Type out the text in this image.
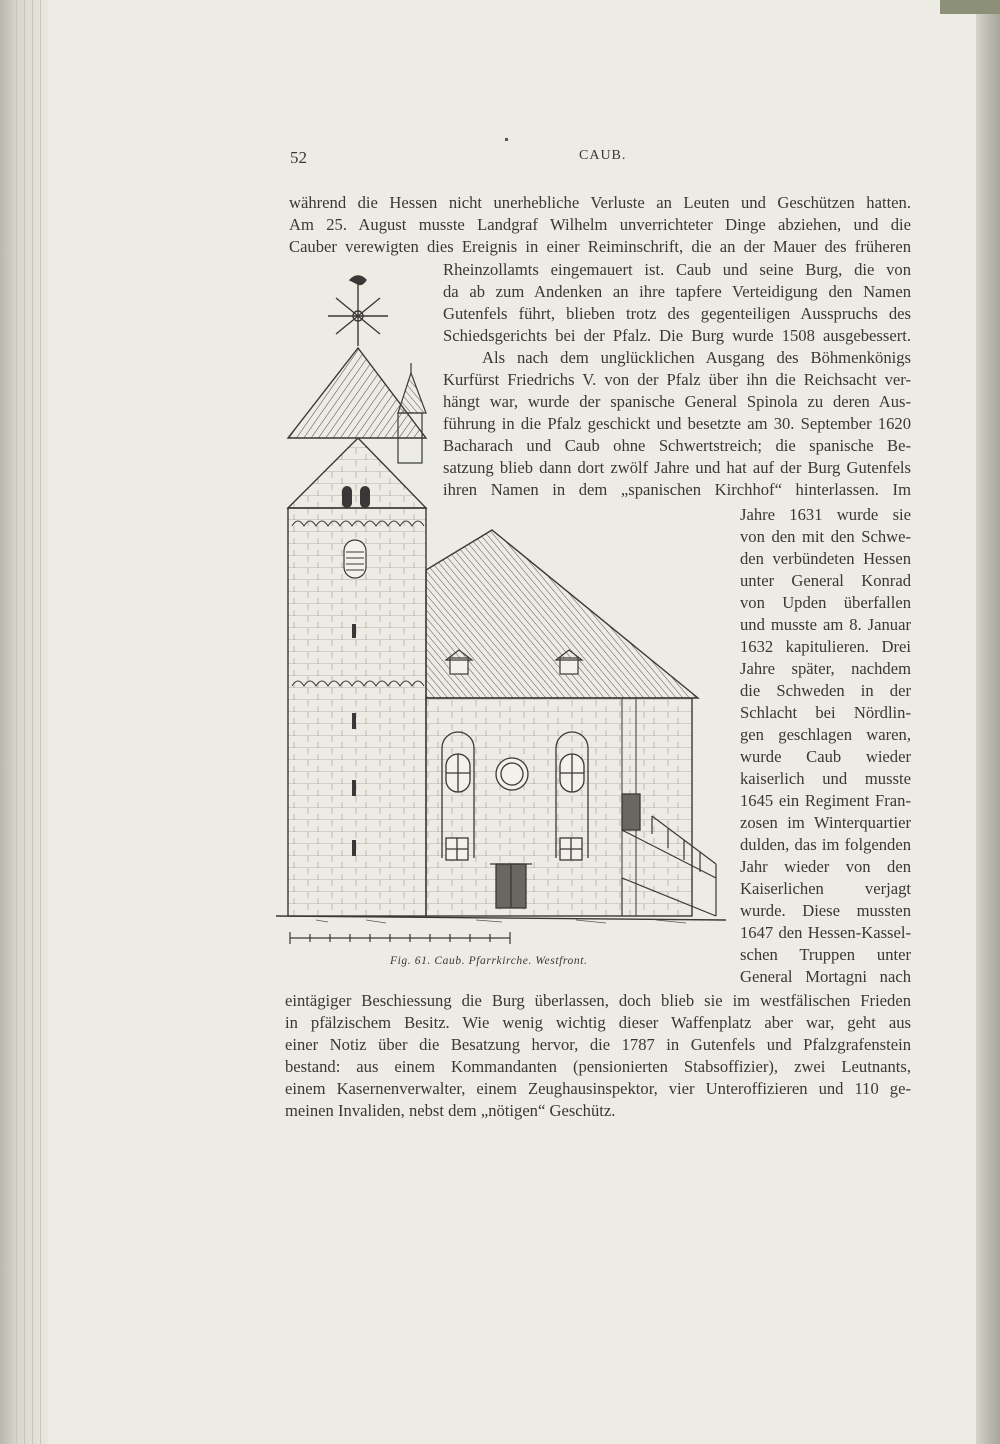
52	CAUB.
während die Hessen nicht unerhebliche Verluste an Leuten und Geschützen hatten.
Am 25. August musste Landgraf Wilhelm unverrichteter Dinge abziehen, und die
Cauber verewigten dies Ereignis in einer Reiminschrift, die an der Mauer des früheren
Rheinzollamts eingemauert ist. Caub und seine Burg, die von
da ab zum Andenken an ihre tapfere Verteidigung den Namen
Gutenfels führt, blieben trotz des gegenteiligen Ausspruchs des
Schiedsgerichts bei der Pfalz. Die Burg wurde 1508 ausgebessert.
Als nach dem unglücklichen Ausgang des Böhmenkönigs
Kurfürst Friedrichs V. von der Pfalz über ihn die Reichsacht ver-
hängt war, wurde der spanische General Spinola zu deren Aus-
führung in die Pfalz geschickt und besetzte am 30. September 1620
Bacharach und Caub ohne Schwertstreich; die spanische Be-
satzung blieb dann dort zwölf Jahre und hat auf der Burg Gutenfels
ihren Namen in dem „spanischen Kirchhof“ hinterlassen. Im
Jahre 1631 wurde sie
von den mit den Schwe-
den verbündeten Hessen
unter General Konrad
von Upden überfallen
und musste am 8. Januar
1632 kapitulieren. Drei
Jahre später, nachdem
die Schweden in der
Schlacht bei Nördlin-
gen geschlagen waren,
wurde Caub wieder
kaiserlich und musste
1645 ein Regiment Fran-
zosen im Winterquartier
dulden, das im folgenden
Jahr wieder von den
Kaiserlichen verjagt
wurde. Diese mussten
1647 den Hessen-Kassel-
schen Truppen unter
General Mortagni nach
eintägiger Beschiessung die Burg überlassen, doch blieb sie im westfälischen Frieden
in pfälzischem Besitz. Wie wenig wichtig dieser Waffenplatz aber war, geht aus
einer Notiz über die Besatzung hervor, die 1787 in Gutenfels und Pfalzgrafenstein
bestand: aus einem Kommandanten (pensionierten Stabsoffizier), zwei Leutnants,
einem Kasernenverwalter, einem Zeughausinspektor, vier Unteroffizieren und 110 ge-
meinen Invaliden, nebst dem „nötigen“ Geschütz.
Fig. 61. Caub. Pfarrkirche. Westfront.
